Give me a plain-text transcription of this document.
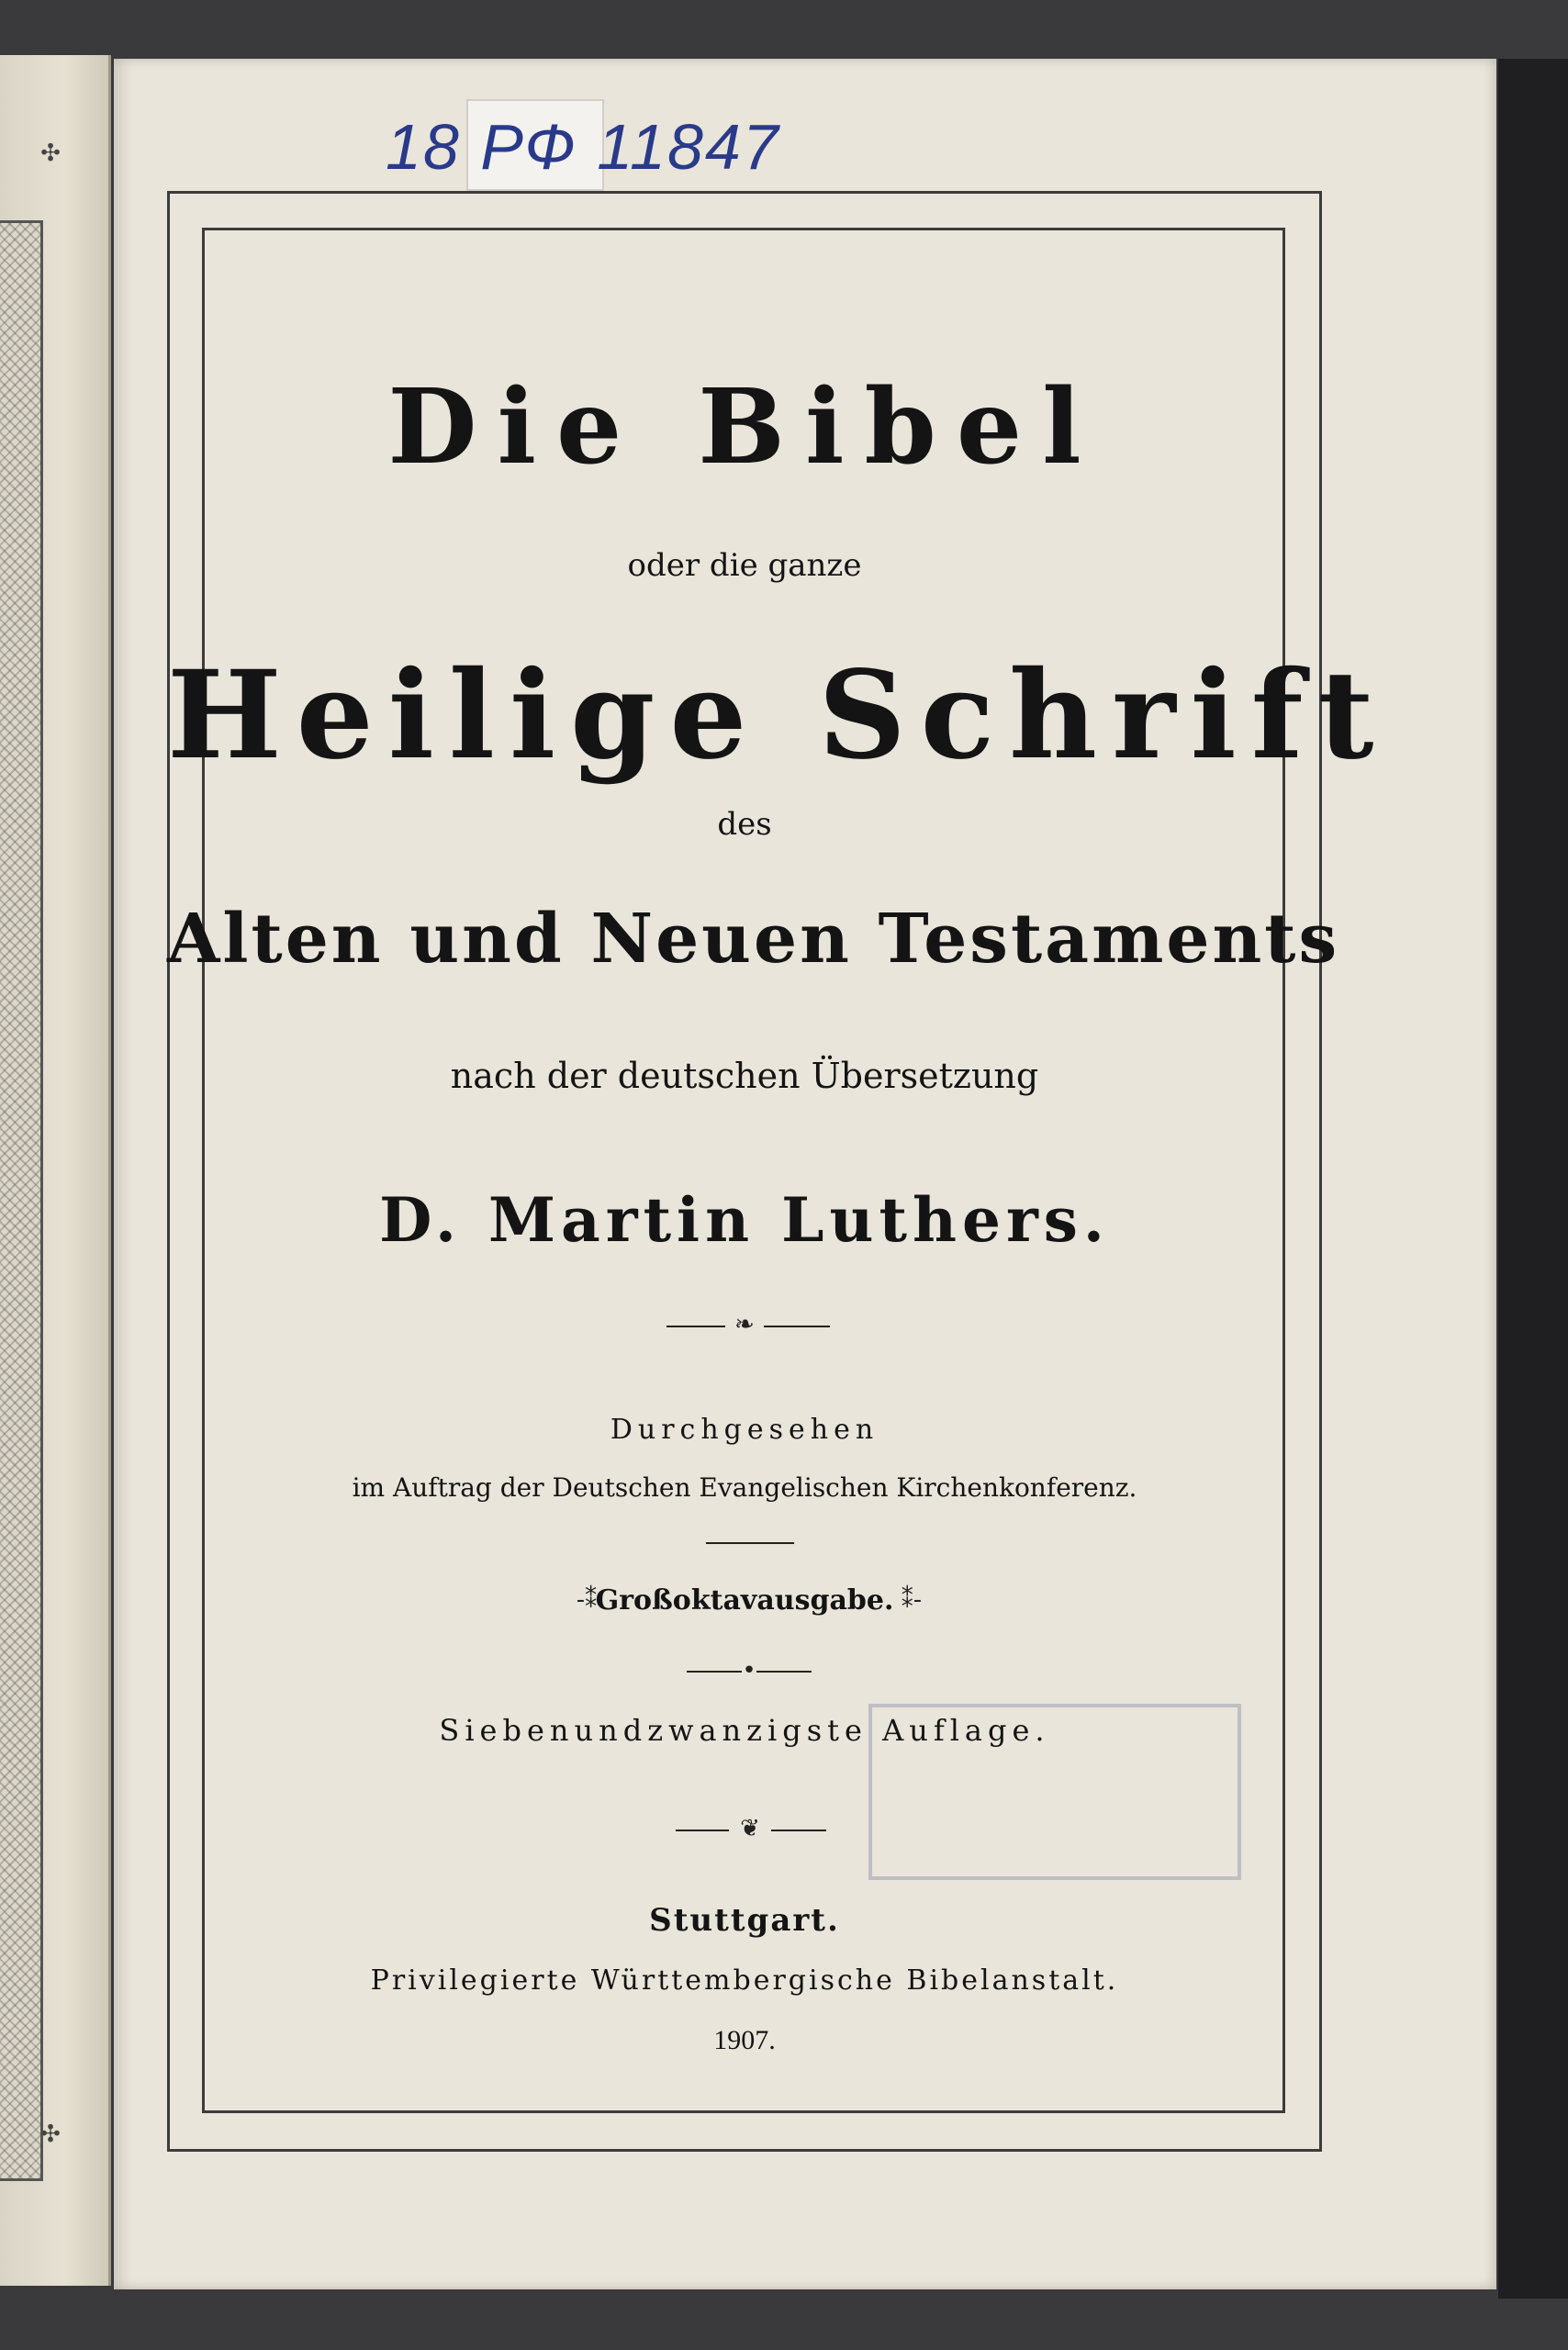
✣
✣
18 РФ 11847
Die Bibel
oder die ganze
Heilige Schrift
des
Alten und Neuen Testaments
nach der deutschen Übersetzung
D. Martin Luthers.
❧
Durchgesehen
im Auftrag der Deutschen Evangelischen Kirchenkonferenz.
Großoktavausgabe.
-⁑	⁑-
•
Siebenundzwanzigste Auflage.
❦
Stuttgart.
Privilegierte Württembergische Bibelanstalt.
1907.
